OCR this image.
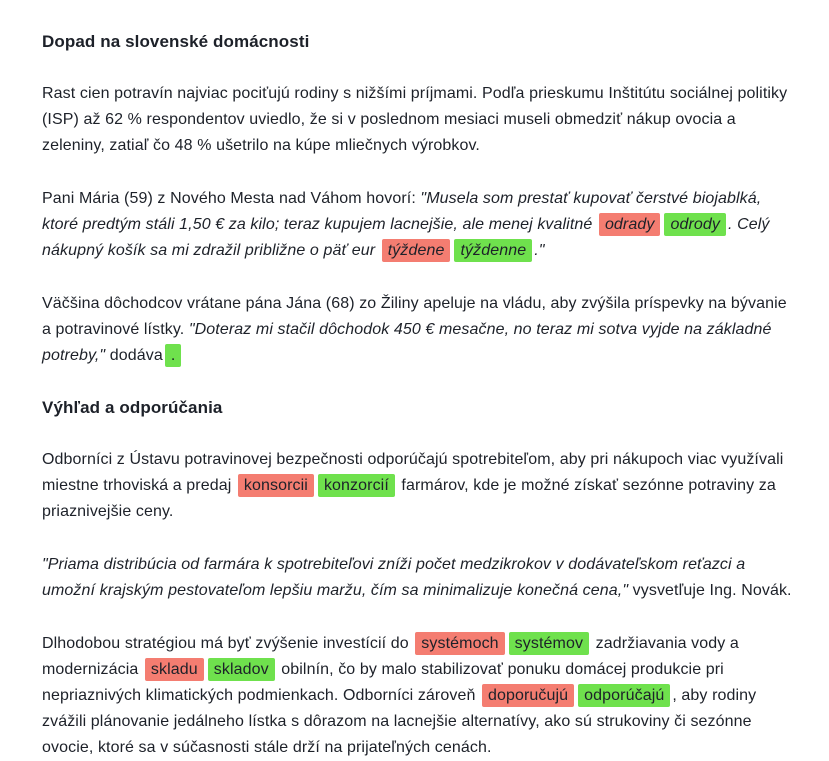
Dopad na slovenské domácnosti

Rast cien potravín najviac pociťujú rodiny s nižšími príjmami. Podľa prieskumu Inštitútu sociálnej politiky (ISP) až 62 % respondentov uviedlo, že si v poslednom mesiaci museli obmedziť nákup ovocia a zeleniny, zatiaľ čo 48 % ušetrilo na kúpe mliečnych výrobkov.

Pani Mária (59) z Nového Mesta nad Váhom hovorí: "Musela som prestať kupovať čerstvé biojablká, ktoré predtým stáli 1,50 € za kilo; teraz kupujem lacnejšie, ale menej kvalitné odrady odrody . Celý nákupný košík sa mi zdražil približne o päť eur týždene týždenne ."

Väčšina dôchodcov vrátane pána Jána (68) zo Žiliny apeluje na vládu, aby zvýšila príspevky na bývanie a potravinové lístky. "Doteraz mi stačil dôchodok 450 € mesačne, no teraz mi sotva vyjde na základné potreby," dodáva .

Výhľad a odporúčania

Odborníci z Ústavu potravinovej bezpečnosti odporúčajú spotrebiteľom, aby pri nákupoch viac využívali miestne trhoviská a predaj konsorcii konzorcií farmárov, kde je možné získať sezónne potraviny za priaznivejšie ceny.

"Priama distribúcia od farmára k spotrebiteľovi zníži počet medzikrokov v dodávateľskom reťazci a umožní krajským pestovateľom lepšiu maržu, čím sa minimalizuje konečná cena," vysvetľuje Ing. Novák.

Dlhodobou stratégiou má byť zvýšenie investícií do systémoch systémov zadržiavania vody a modernizácia skladu skladov obilnín, čo by malo stabilizovať ponuku domácej produkcie pri nepriaznivých klimatických podmienkach. Odborníci zároveň doporučujú odporúčajú , aby rodiny zvážili plánovanie jedálneho lístka s dôrazom na lacnejšie alternatívy, ako sú strukoviny či sezónne ovocie, ktoré sa v súčasnosti stále drží na prijateľných cenách.
